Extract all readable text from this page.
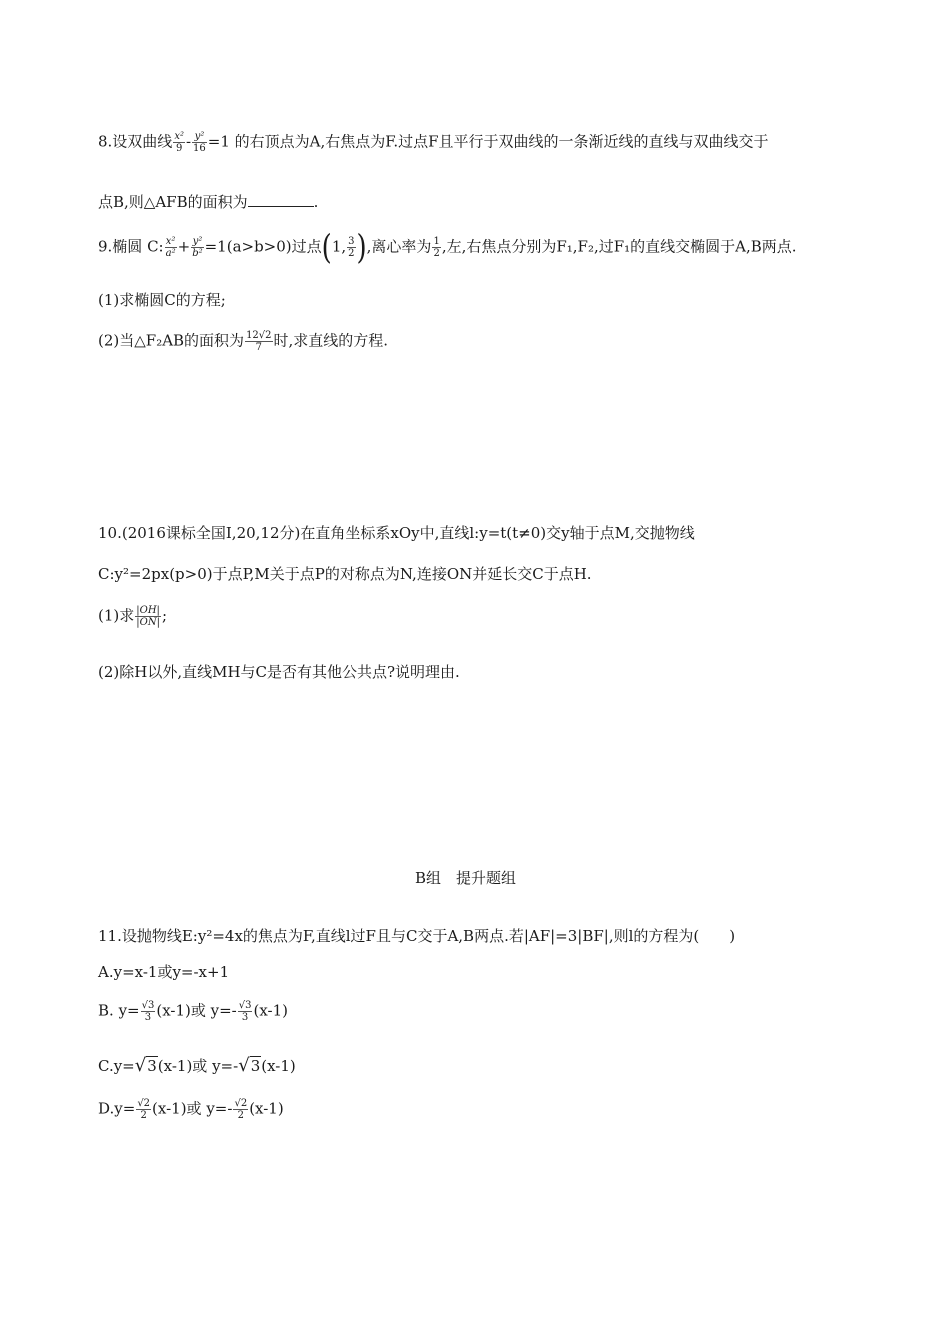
8.设双曲线 $\frac{\text{x²}}{9} - \frac{\text{y²}}{16} =1$ 的右顶点为A,右焦点为F.过点F且平行于双曲线的一条渐近线的直线与双曲线交于
点B,则△AFB的面积为	.
9.椭圆 C: $\frac{\text{x²}}{\text{a²}} + \frac{\text{y²}}{\text{b²}} =1(a>b>0)$过点(1, $\frac{3}{2}$ ),离心率为 $\frac{1}{2}$ ,左,右焦点分别为F₁,F₂,过F₁的直线交椭圆于A,B两点.
(1)求椭圆C的方程;
(2)当△F₂AB的面积为 $\frac{12√2}{7}$ 时,求直线的方程.
10.(2016课标全国Ⅰ,20,12分)在直角坐标系xOy中,直线l:y=t(t≠0)交y轴于点M,交抛物线
C:y²=2px(p>0)于点P,M关于点P的对称点为N,连接ON并延长交C于点H.
(1)求 $\frac{|OH|}{|ON|}$ ;
(2)除H以外,直线MH与C是否有其他公共点?说明理由.
B组　提升题组
11.设抛物线E:y²=4x的焦点为F,直线l过F且与C交于A,B两点.若|AF|=3|BF|,则l的方程为(　　)
A.y=x-1或y=-x+1
B. $y= \frac{√3}{3} (x-1)$或 $y=- \frac{√3}{3} (x-1)$
C.y=√3(x-1)或 y=-√3(x-1)
$D.y= \frac{√2}{2} (x-1)$或 $y=- \frac{√2}{2} (x-1)$
